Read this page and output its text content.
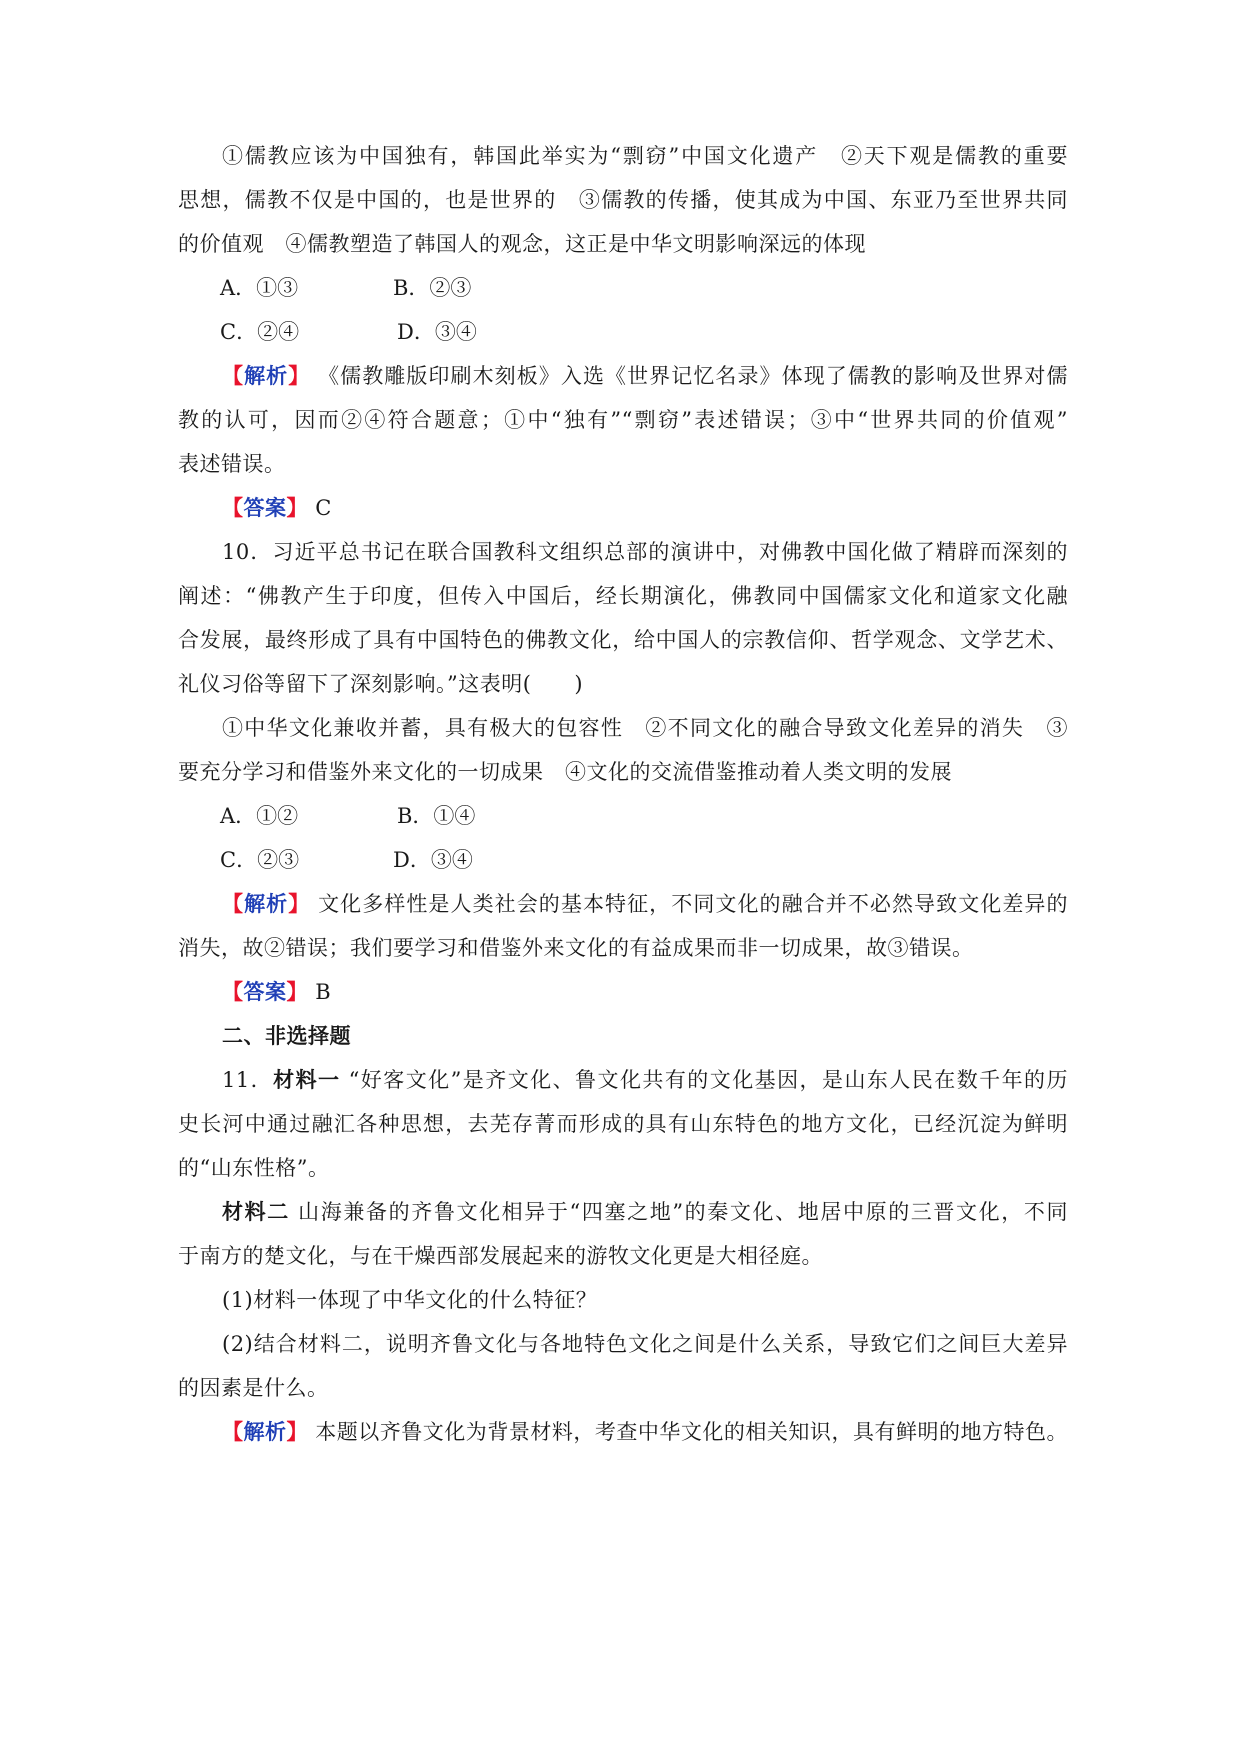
①儒教应该为中国独有，韩国此举实为“剽窃”中国文化遗产　②天下观是儒教的重要
思想，儒教不仅是中国的，也是世界的　③儒教的传播，使其成为中国、东亚乃至世界共同
的价值观　④儒教塑造了韩国人的观念，这正是中华文明影响深远的体现
A．①③	B．②③
C．②④	D．③④
【解析】 《儒教雕版印刷木刻板》入选《世界记忆名录》体现了儒教的影响及世界对儒
教的认可，因而②④符合题意；①中“独有”“剽窃”表述错误；③中“世界共同的价值观”
表述错误。
【答案】 C
10．习近平总书记在联合国教科文组织总部的演讲中，对佛教中国化做了精辟而深刻的
阐述：“佛教产生于印度，但传入中国后，经长期演化，佛教同中国儒家文化和道家文化融
合发展，最终形成了具有中国特色的佛教文化，给中国人的宗教信仰、哲学观念、文学艺术、
礼仪习俗等留下了深刻影响。”这表明(　　)
①中华文化兼收并蓄，具有极大的包容性　②不同文化的融合导致文化差异的消失　③
要充分学习和借鉴外来文化的一切成果　④文化的交流借鉴推动着人类文明的发展
A．①②	B．①④
C．②③	D．③④
【解析】 文化多样性是人类社会的基本特征，不同文化的融合并不必然导致文化差异的
消失，故②错误；我们要学习和借鉴外来文化的有益成果而非一切成果，故③错误。
【答案】 B
二、非选择题
11．材料一 “好客文化”是齐文化、鲁文化共有的文化基因，是山东人民在数千年的历
史长河中通过融汇各种思想，去芜存菁而形成的具有山东特色的地方文化，已经沉淀为鲜明
的“山东性格”。
材料二 山海兼备的齐鲁文化相异于“四塞之地”的秦文化、地居中原的三晋文化，不同
于南方的楚文化，与在干燥西部发展起来的游牧文化更是大相径庭。
(1)材料一体现了中华文化的什么特征？
(2)结合材料二，说明齐鲁文化与各地特色文化之间是什么关系，导致它们之间巨大差异
的因素是什么。
【解析】 本题以齐鲁文化为背景材料，考查中华文化的相关知识，具有鲜明的地方特色。
